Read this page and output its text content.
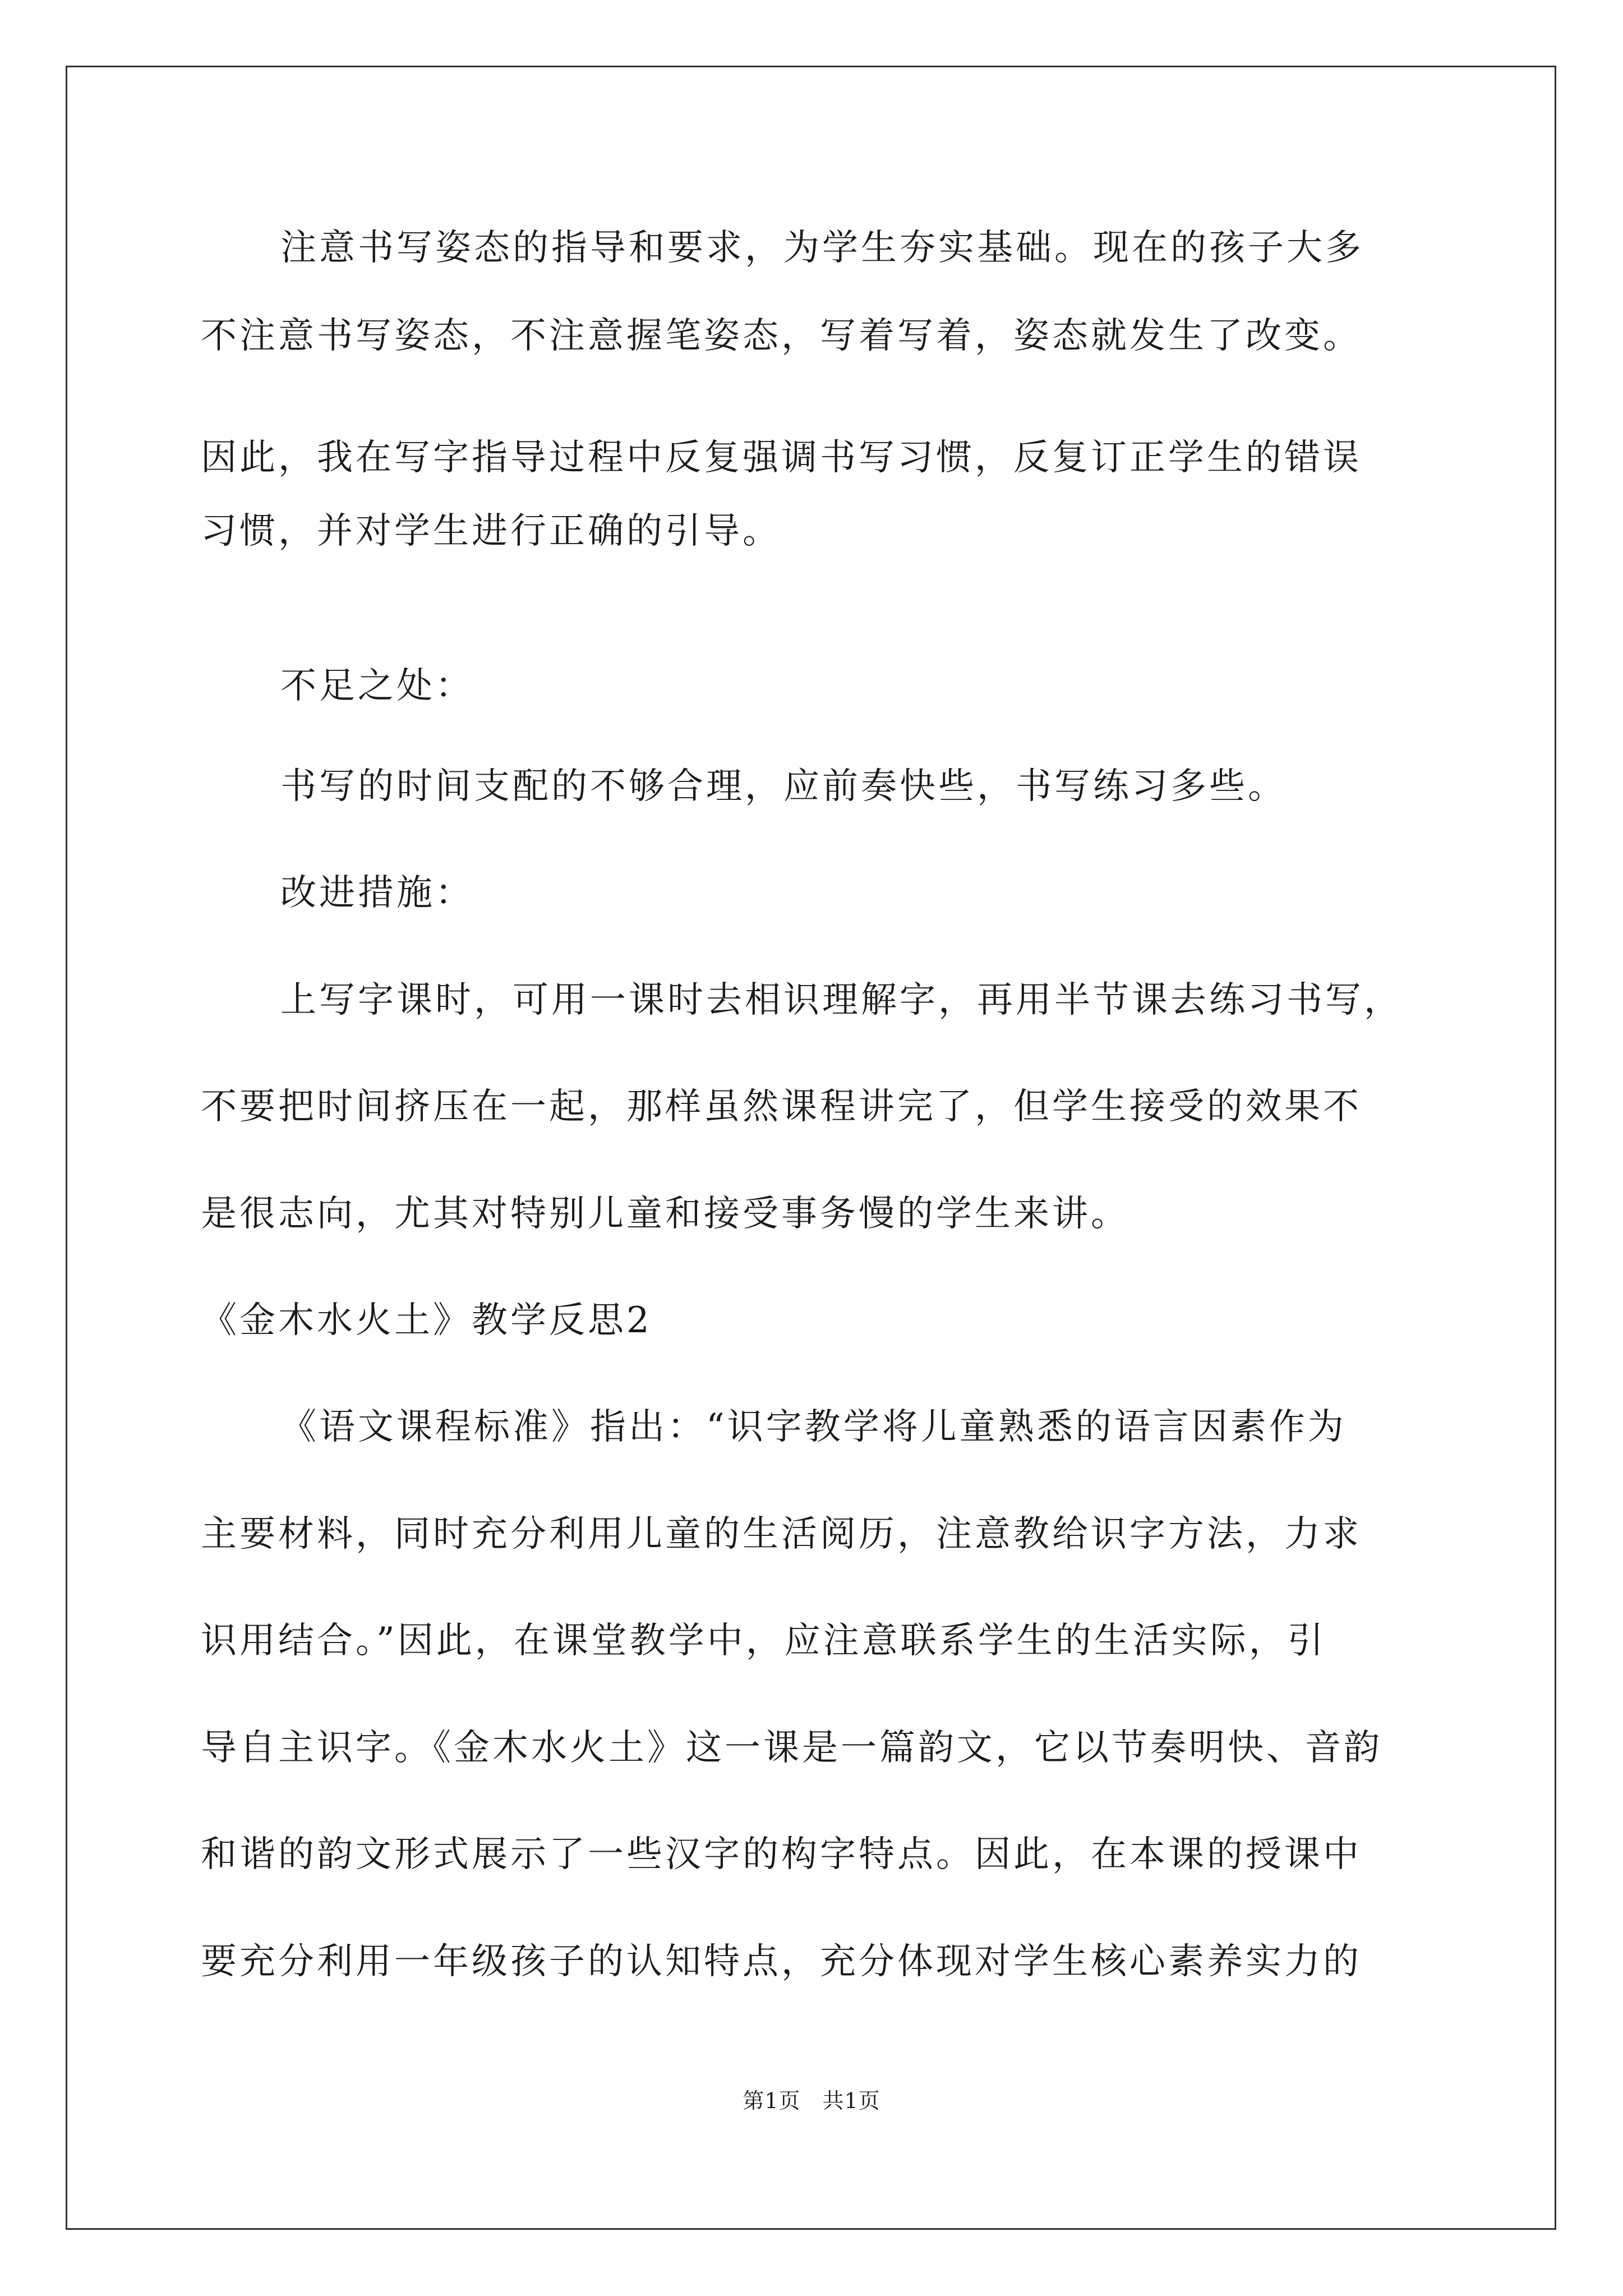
注意书写姿态的指导和要求，为学生夯实基础。现在的孩子大多
不注意书写姿态，不注意握笔姿态，写着写着，姿态就发生了改变。
因此，我在写字指导过程中反复强调书写习惯，反复订正学生的错误
习惯，并对学生进行正确的引导。
不足之处：
书写的时间支配的不够合理，应前奏快些，书写练习多些。
改进措施：
上写字课时，可用一课时去相识理解字，再用半节课去练习书写，
不要把时间挤压在一起，那样虽然课程讲完了，但学生接受的效果不
是很志向，尤其对特别儿童和接受事务慢的学生来讲。
《金木水火土》教学反思2
《语文课程标准》指出：“识字教学将儿童熟悉的语言因素作为
主要材料，同时充分利用儿童的生活阅历，注意教给识字方法，力求
识用结合。”因此，在课堂教学中，应注意联系学生的生活实际，引
导自主识字。《金木水火土》这一课是一篇韵文，它以节奏明快、音韵
和谐的韵文形式展示了一些汉字的构字特点。因此，在本课的授课中
要充分利用一年级孩子的认知特点，充分体现对学生核心素养实力的
第1页　共1页
